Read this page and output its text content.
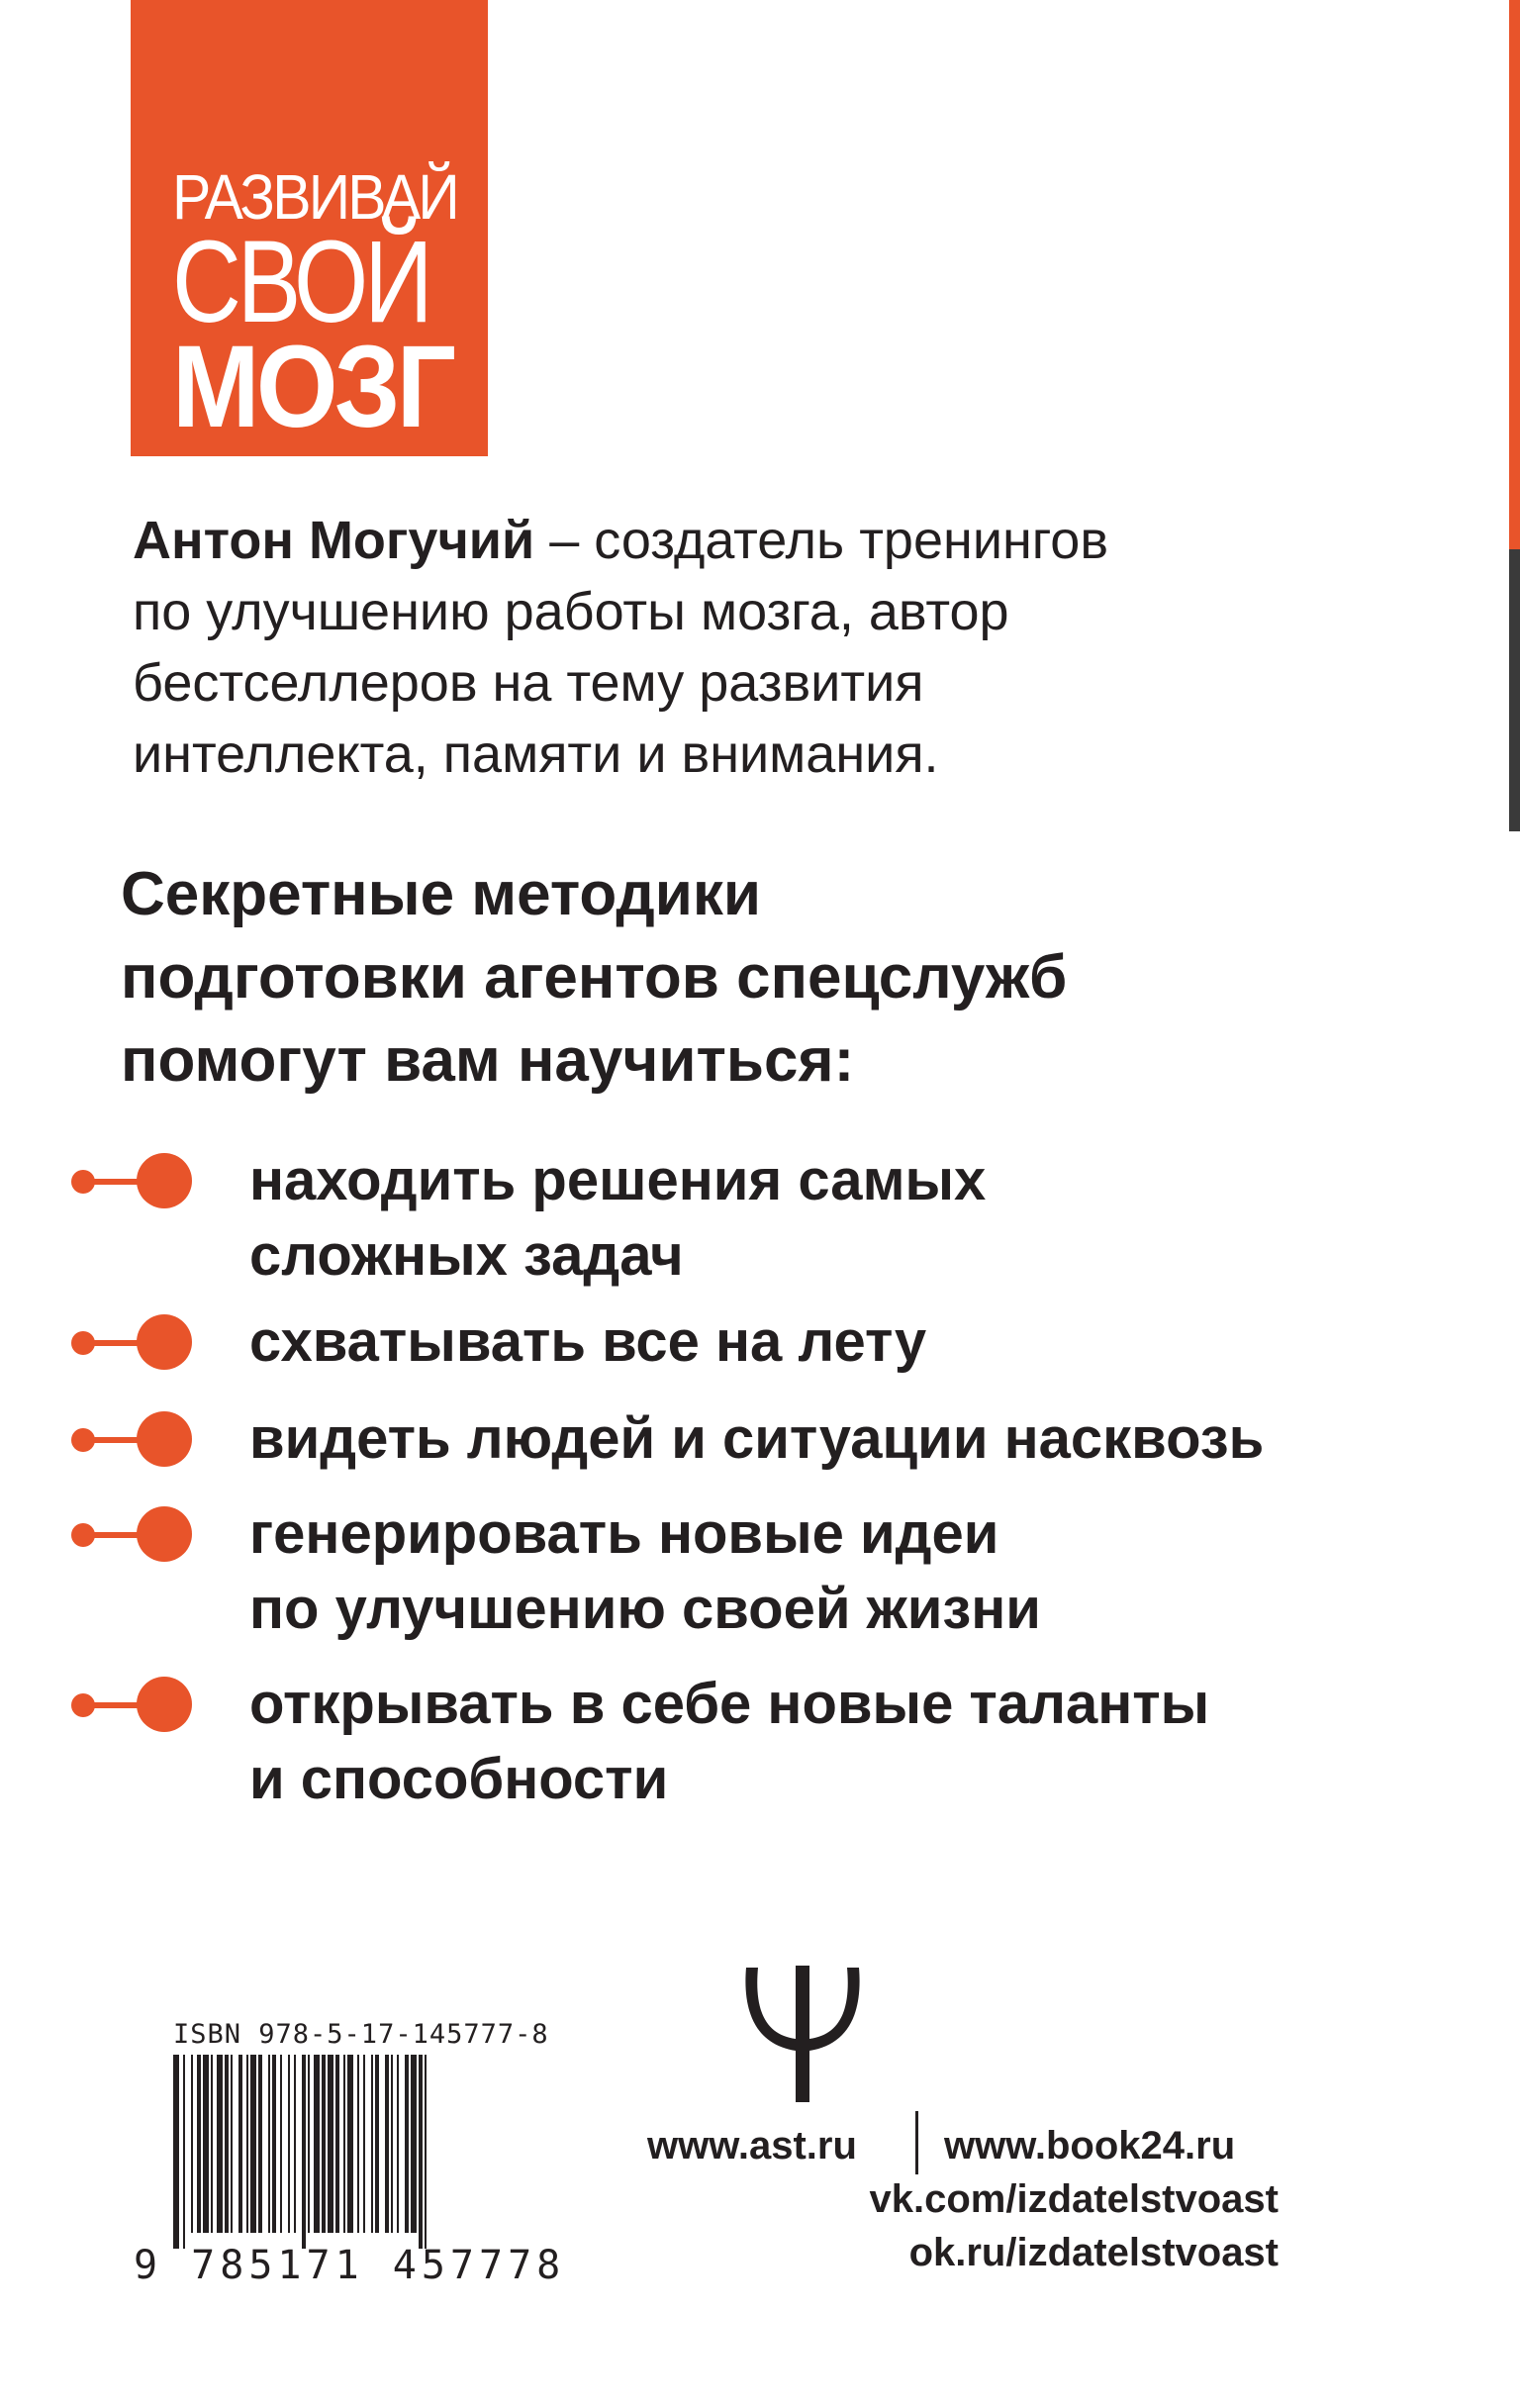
РАЗВИВАЙ
СВОЙ
МОЗГ
Антон Могучий – создатель тренингов
по улучшению работы мозга, автор
бестселлеров на тему развития
интеллекта, памяти и внимания.
Секретные методики
подготовки агентов спецслужб
помогут вам научиться:
находить решения самых
сложных задач
схватывать все на лету
видеть людей и ситуации насквозь
генерировать новые идеи
по улучшению своей жизни
открывать в себе новые таланты
и способности
ISBN 978-5-17-145777-8
9 785171 457778
www.ast.ru www.book24.ru
vk.com/izdatelstvoast
ok.ru/izdatelstvoast
